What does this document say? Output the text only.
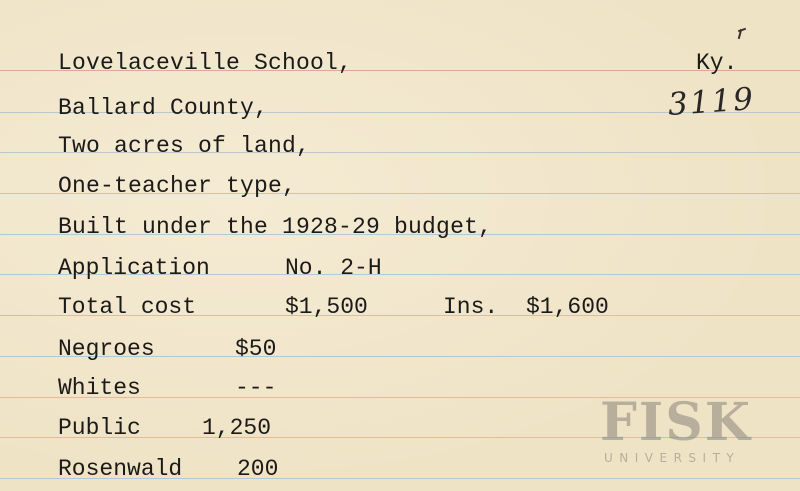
Lovelaceville School,	Ky.
3119
Ballard County,
Two acres of land,
One-teacher type,
Built under the 1928-29 budget,
Application	No. 2-H
Total cost	$1,500	Ins. $1,600
Negroes	$50
Whites	---
Public	1,250
Rosenwald 200
FISK
UNIVERSITY
